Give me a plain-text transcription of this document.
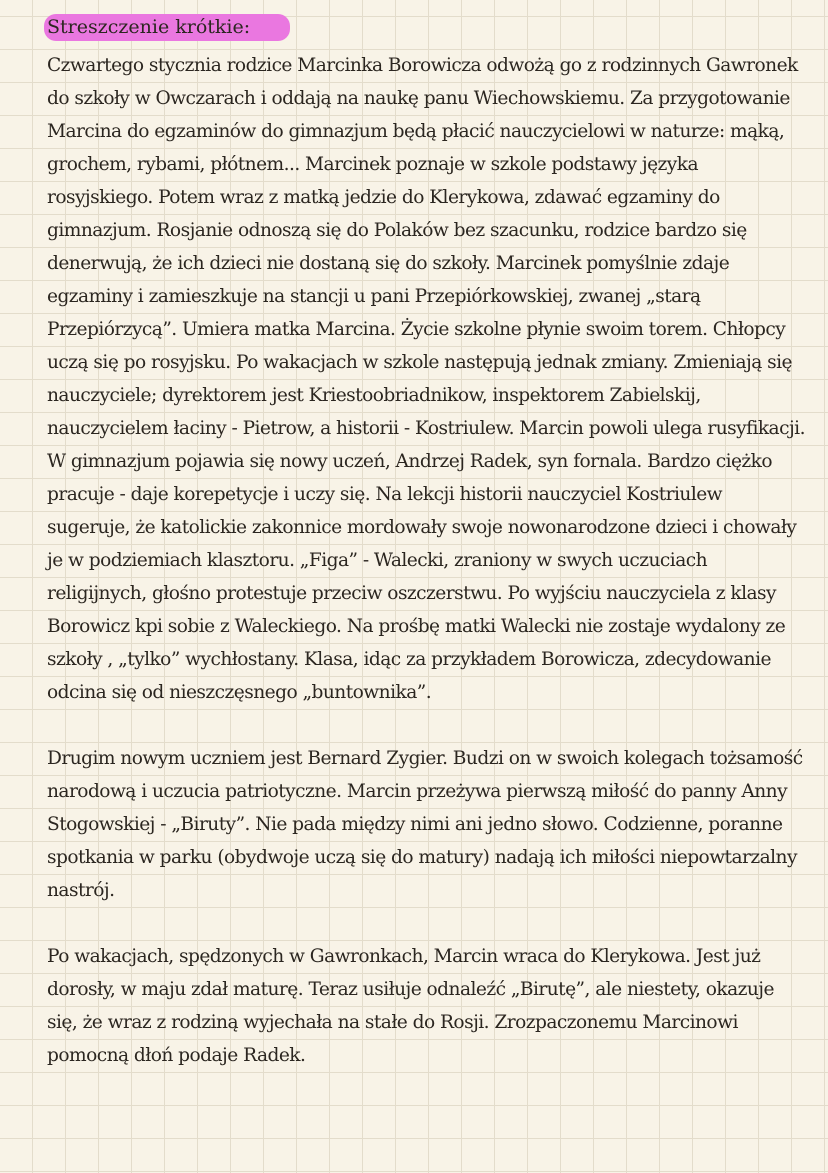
Streszczenie krótkie:

Czwartego stycznia rodzice Marcinka Borowicza odwożą go z rodzinnych Gawronek do szkoły w Owczarach i oddają na naukę panu Wiechowskiemu. Za przygotowanie Marcina do egzaminów do gimnazjum będą płacić nauczycielowi w naturze: mąką, grochem, rybami, płótnem... Marcinek poznaje w szkole podstawy języka rosyjskiego. Potem wraz z matką jedzie do Klerykowa, zdawać egzaminy do gimnazjum. Rosjanie odnoszą się do Polaków bez szacunku, rodzice bardzo się denerwują, że ich dzieci nie dostaną się do szkoły. Marcinek pomyślnie zdaje egzaminy i zamieszkuje na stancji u pani Przepiórkowskiej, zwanej „starą Przepiórzycą”. Umiera matka Marcina. Życie szkolne płynie swoim torem. Chłopcy uczą się po rosyjsku. Po wakacjach w szkole następują jednak zmiany. Zmieniają się nauczyciele; dyrektorem jest Kriestoobriadnikow, inspektorem Zabielskij, nauczycielem łaciny - Pietrow, a historii - Kostriulew. Marcin powoli ulega rusyfikacji. W gimnazjum pojawia się nowy uczeń, Andrzej Radek, syn fornala. Bardzo ciężko pracuje - daje korepetycje i uczy się. Na lekcji historii nauczyciel Kostriulew sugeruje, że katolickie zakonnice mordowały swoje nowonarodzone dzieci i chowały je w podziemiach klasztoru. „Figa” - Walecki, zraniony w swych uczuciach religijnych, głośno protestuje przeciw oszczerstwu. Po wyjściu nauczyciela z klasy Borowicz kpi sobie z Waleckiego. Na prośbę matki Walecki nie zostaje wydalony ze szkoły , „tylko” wychłostany. Klasa, idąc za przykładem Borowicza, zdecydowanie odcina się od nieszczęsnego „buntownika”.

Drugim nowym uczniem jest Bernard Zygier. Budzi on w swoich kolegach tożsamość narodową i uczucia patriotyczne. Marcin przeżywa pierwszą miłość do panny Anny Stogowskiej - „Biruty”. Nie pada między nimi ani jedno słowo. Codzienne, poranne spotkania w parku (obydwoje uczą się do matury) nadają ich miłości niepowtarzalny nastrój.

Po wakacjach, spędzonych w Gawronkach, Marcin wraca do Klerykowa. Jest już dorosły, w maju zdał maturę. Teraz usiłuje odnaleźć „Birutę”, ale niestety, okazuje się, że wraz z rodziną wyjechała na stałe do Rosji. Zrozpaczonemu Marcinowi pomocną dłoń podaje Radek.
